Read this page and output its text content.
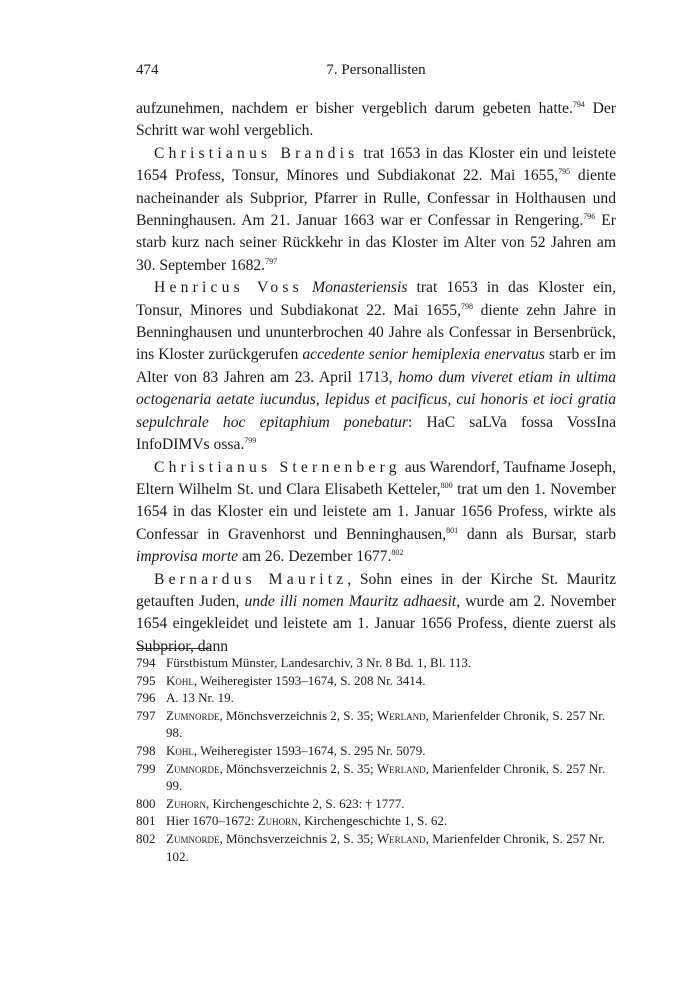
474	7. Personallisten

aufzunehmen, nachdem er bisher vergeblich darum gebeten hatte.$^{794}$ Der Schritt war wohl vergeblich.

Christianus Brandis trat 1653 in das Kloster ein und leistete 1654 Profess, Tonsur, Minores und Subdiakonat 22. Mai 1655,$^{795}$ diente nacheinander als Subprior, Pfarrer in Rulle, Confessar in Holthausen und Benninghausen. Am 21. Januar 1663 war er Confessar in Rengering.$^{796}$ Er starb kurz nach seiner Rückkehr in das Kloster im Alter von 52 Jahren am 30. September 1682.$^{797}$

Henricus Voss Monasteriensis trat 1653 in das Kloster ein, Tonsur, Minores und Subdiakonat 22. Mai 1655,$^{798}$ diente zehn Jahre in Benninghausen und ununterbrochen 40 Jahre als Confessar in Bersenbrück, ins Kloster zurückgerufen accedente senior hemiplexia enervatus starb er im Alter von 83 Jahren am 23. April 1713, homo dum viveret etiam in ultima octogenaria aetate iucundus, lepidus et pacificus, cui honoris et ioci gratia sepulchrale hoc epitaphium ponebatur: HaC saLVa fossa VossIna InfoDIMVs ossa.$^{799}$

Christianus Sternenberg aus Warendorf, Taufname Joseph, Eltern Wilhelm St. und Clara Elisabeth Ketteler,$^{800}$ trat um den 1. November 1654 in das Kloster ein und leistete am 1. Januar 1656 Profess, wirkte als Confessar in Gravenhorst und Benninghausen,$^{801}$ dann als Bursar, starb improvisa morte am 26. Dezember 1677.$^{802}$

Bernardus Mauritz, Sohn eines in der Kirche St. Mauritz getauften Juden, unde illi nomen Mauritz adhaesit, wurde am 2. November 1654 eingekleidet und leistete am 1. Januar 1656 Profess, diente zuerst als Subprior, dann

794 Fürstbistum Münster, Landesarchiv, 3 Nr. 8 Bd. 1, Bl. 113.
795 Kohl, Weiheregister 1593–1674, S. 208 Nr. 3414.
796 A. 13 Nr. 19.
797 Zumnorde, Mönchsverzeichnis 2, S. 35; Werland, Marienfelder Chronik, S. 257 Nr. 98.
798 Kohl, Weiheregister 1593–1674, S. 295 Nr. 5079.
799 Zumnorde, Mönchsverzeichnis 2, S. 35; Werland, Marienfelder Chronik, S. 257 Nr. 99.
800 Zuhorn, Kirchengeschichte 2, S. 623: † 1777.
801 Hier 1670–1672: Zuhorn, Kirchengeschichte 1, S. 62.
802 Zumnorde, Mönchsverzeichnis 2, S. 35; Werland, Marienfelder Chronik, S. 257 Nr. 102.
